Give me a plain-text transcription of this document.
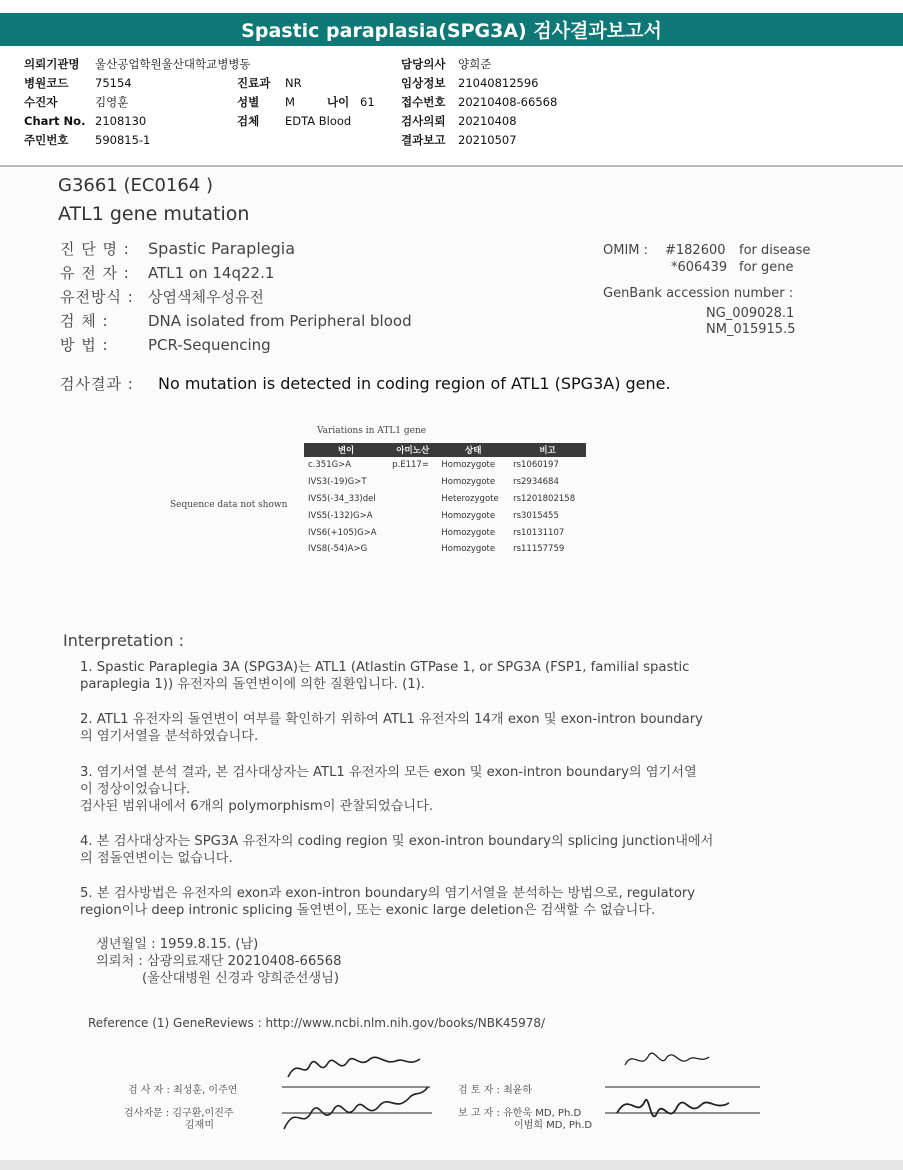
Spastic paraplasia(SPG3A) 검사결과보고서
의뢰기관명 울산공업학원울산대학교병병동
병원코드 75154
수진자	김영훈
Chart No. 2108130
주민번호 590815-1
진료과 NR
성별 M	나이 61
검체 EDTA Blood
담당의사 양희준
임상정보 21040812596
접수번호 20210408-66568
검사의뢰 20210408
결과보고 20210507
G3661 (EC0164 )
ATL1 gene mutation
진 단 명 : Spastic Paraplegia
유 전 자 : ATL1 on 14q22.1
유전방식 : 상염색체우성유전
검 체 :	DNA isolated from Peripheral blood
방 법 :	PCR-Sequencing
OMIM : #182600 for disease
*606439 for gene
GenBank accession number :
NG_009028.1
NM_015915.5
검사결과 : No mutation is detected in coding region of ATL1 (SPG3A) gene.
Variations in ATL1 gene
Sequence data not shown
변이	아미노산	상태	비고
c.351G>A	p.E117=	Homozygote	rs1060197
IVS3(-19)G>T		Homozygote	rs2934684
IVS5(-34_33)del		Heterozygote	rs1201802158
IVS5(-132)G>A		Homozygote	rs3015455
IVS6(+105)G>A		Homozygote	rs10131107
IVS8(-54)A>G		Homozygote	rs11157759
Interpretation :
1. Spastic Paraplegia 3A (SPG3A)는 ATL1 (Atlastin GTPase 1, or SPG3A (FSP1, familial spastic
paraplegia 1)) 유전자의 돌연변이에 의한 질환입니다. (1).
2. ATL1 유전자의 돌연변이 여부를 확인하기 위하여 ATL1 유전자의 14개 exon 및 exon-intron boundary
의 염기서열을 분석하였습니다.
3. 염기서열 분석 결과, 본 검사대상자는 ATL1 유전자의 모든 exon 및 exon-intron boundary의 염기서열
이 정상이었습니다.
검사된 범위내에서 6개의 polymorphism이 관찰되었습니다.
4. 본 검사대상자는 SPG3A 유전자의 coding region 및 exon-intron boundary의 splicing junction내에서
의 점돌연변이는 없습니다.
5. 본 검사방법은 유전자의 exon과 exon-intron boundary의 염기서열을 분석하는 방법으로, regulatory
region이나 deep intronic splicing 돌연변이, 또는 exonic large deletion은 검색할 수 없습니다.
생년월일 : 1959.8.15. (남)
의뢰처 : 삼광의료재단 20210408-66568
(울산대병원 신경과 양희준선생님)
Reference (1) GeneReviews : http://www.ncbi.nlm.nih.gov/books/NBK45978/
검 사 자 : 최성훈, 이주연
검사자문 : 김구환,이진주
김재미
검 토 자 : 최윤하
보 고 자 : 유한욱 MD, Ph.D
이범희 MD, Ph.D
